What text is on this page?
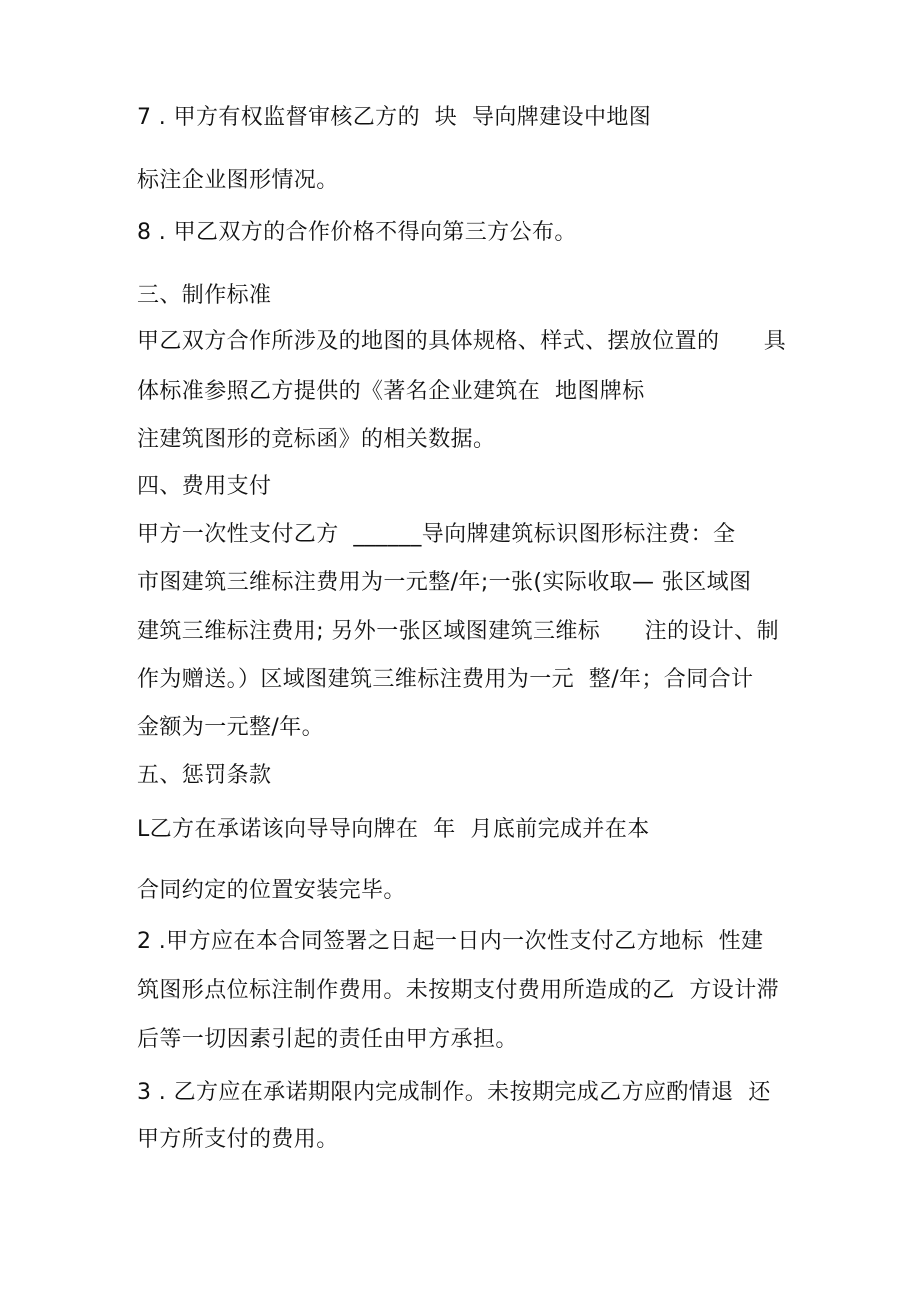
7 . 甲方有权监督审核乙方的  块  导向牌建设中地图
标注企业图形情况。
8 . 甲乙双方的合作价格不得向第三方公布。
三、制作标准
甲乙双方合作所涉及的地图的具体规格、样式、摆放位置的      具
体标准参照乙方提供的《著名企业建筑在  地图牌标
注建筑图形的竞标函》的相关数据。
四、费用支付
甲方一次性支付乙方  ______导向牌建筑标识图形标注费：全
市图建筑三维标注费用为一元整/年;一张(实际收取— 张区域图
建筑三维标注费用; 另外一张区域图建筑三维标      注的设计、制
作为赠送。）区域图建筑三维标注费用为一元  整/年；合同合计
金额为一元整/年。
五、惩罚条款
L乙方在承诺该向导导向牌在  年  月底前完成并在本
合同约定的位置安装完毕。
2 .甲方应在本合同签署之日起一日内一次性支付乙方地标  性建
筑图形点位标注制作费用。未按期支付费用所造成的乙  方设计滞
后等一切因素引起的责任由甲方承担。
3 . 乙方应在承诺期限内完成制作。未按期完成乙方应酌情退  还
甲方所支付的费用。
